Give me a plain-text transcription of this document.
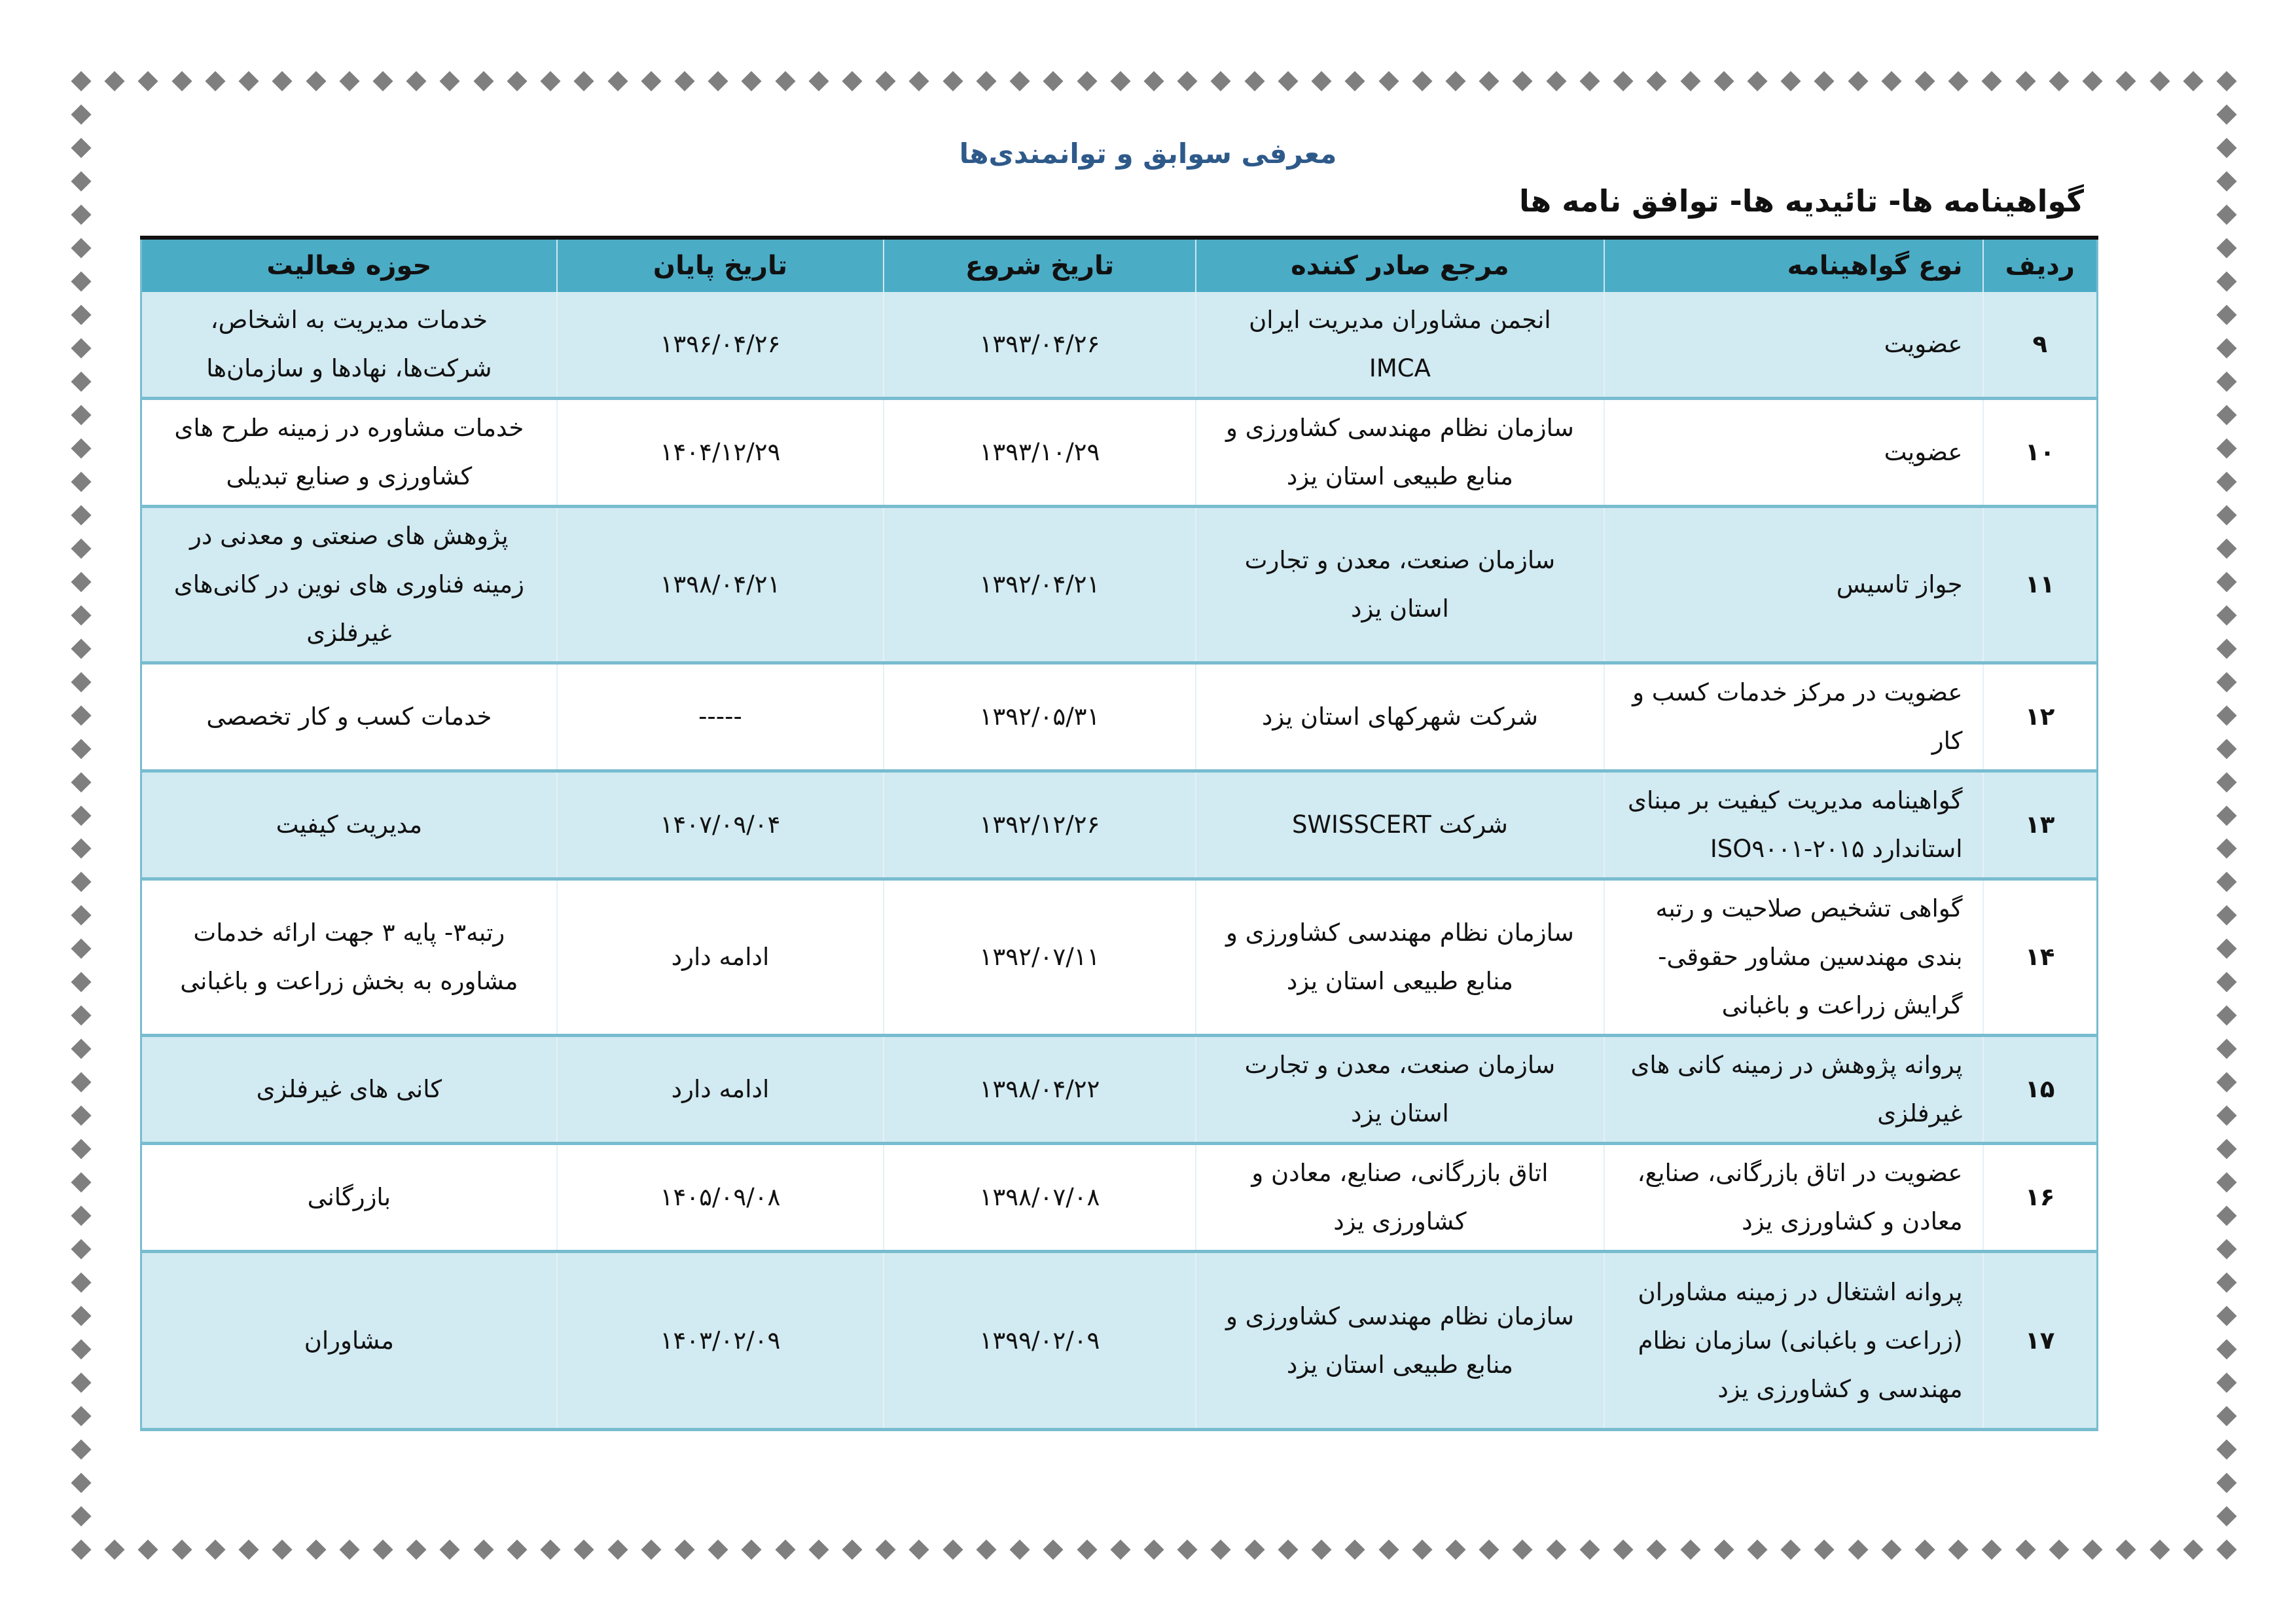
معرفی سوابق و توانمندی‌ها
گواهینامه ها- تائیدیه ها- توافق نامه ها
ردیف	نوع گواهینامه	مرجع صادر کننده	تاریخ شروع	تاریخ پایان	حوزه فعالیت
۹	عضویت	انجمن مشاوران مدیریت ایران IMCA	۱۳۹۳/۰۴/۲۶	۱۳۹۶/۰۴/۲۶	خدمات مدیریت به اشخاص، شرکت‌ها، نهادها و سازمان‌ها
۱۰	عضویت	سازمان نظام مهندسی کشاورزی و منابع طبیعی استان یزد	۱۳۹۳/۱۰/۲۹	۱۴۰۴/۱۲/۲۹	خدمات مشاوره در زمینه طرح های کشاورزی و صنایع تبدیلی
۱۱	جواز تاسیس	سازمان صنعت، معدن و تجارت استان یزد	۱۳۹۲/۰۴/۲۱	۱۳۹۸/۰۴/۲۱	پژوهش های صنعتی و معدنی در زمینه فناوری های نوین در کانی‌های غیرفلزی
۱۲	عضویت در مرکز خدمات کسب و کار	شرکت شهرکهای استان یزد	۱۳۹۲/۰۵/۳۱	-----	خدمات کسب و کار تخصصی
۱۳	گواهینامه مدیریت کیفیت بر مبنای استاندارد ISO۹۰۰۱-۲۰۱۵	شرکت SWISSCERT	۱۳۹۲/۱۲/۲۶	۱۴۰۷/۰۹/۰۴	مدیریت کیفیت
۱۴	گواهی تشخیص صلاحیت و رتبه بندی مهندسین مشاور حقوقی- گرایش زراعت و باغبانی	سازمان نظام مهندسی کشاورزی و منابع طبیعی استان یزد	۱۳۹۲/۰۷/۱۱	ادامه دارد	رتبه۳- پایه ۳ جهت ارائه خدمات مشاوره به بخش زراعت و باغبانی
۱۵	پروانه پژوهش در زمینه کانی های غیرفلزی	سازمان صنعت، معدن و تجارت استان یزد	۱۳۹۸/۰۴/۲۲	ادامه دارد	کانی های غیرفلزی
۱۶	عضویت در اتاق بازرگانی، صنایع، معادن و کشاورزی یزد	اتاق بازرگانی، صنایع، معادن و کشاورزی یزد	۱۳۹۸/۰۷/۰۸	۱۴۰۵/۰۹/۰۸	بازرگانی
۱۷	پروانه اشتغال در زمینه مشاوران (زراعت و باغبانی) سازمان نظام مهندسی و کشاورزی یزد	سازمان نظام مهندسی کشاورزی و منابع طبیعی استان یزد	۱۳۹۹/۰۲/۰۹	۱۴۰۳/۰۲/۰۹	مشاوران
